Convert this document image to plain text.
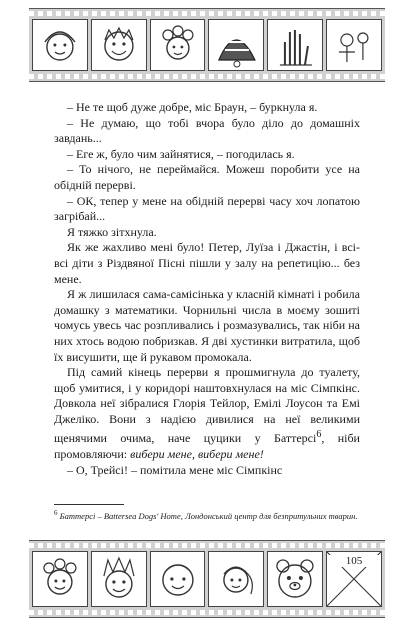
– Не те щоб дуже добре, міс Браун, – буркнула я.

– Не думаю, що тобі вчора було діло до домашніх завдань...

– Еге ж, було чим зайнятися, – погодилась я.

– То нічого, не переймайся. Можеш поробити усе на обідній перерві.

– ОК, тепер у мене на обідній перерві часу хоч лопатою загрібай...

Я тяжко зітхнула.

Як же жахливо мені було! Петер, Луїза і Джастін, і всі-всі діти з Різдвяної Пісні пішли у залу на репетицію... без мене.

Я ж лишилася сама-самісінька у класній кімнаті і робила домашку з математики. Чорнильні числа в моєму зошиті чомусь увесь час розпливались і розмазувались, так ніби на них хтось водою побризкав. Я дві хустинки витратила, щоб їх висушити, ще й рукавом промокала.

Під самий кінець перерви я прошмигнула до туалету, щоб умитися, і у коридорі наштовхнулася на міс Сімпкінс. Довкола неї зібралися Глорія Тейлор, Емілі Лоусон та Емі Джеліко. Вони з надією дивилися на неї великими щенячими очима, наче цуцики у Баттерсі$^6$, ніби промовляючи: вибери мене, вибери мене!

– О, Трейсі! – помітила мене міс Сімпкінс

$^6$ Баттерсі – Battersea Dogs' Home, Лондонський центр для безпритульних тварин.
105
